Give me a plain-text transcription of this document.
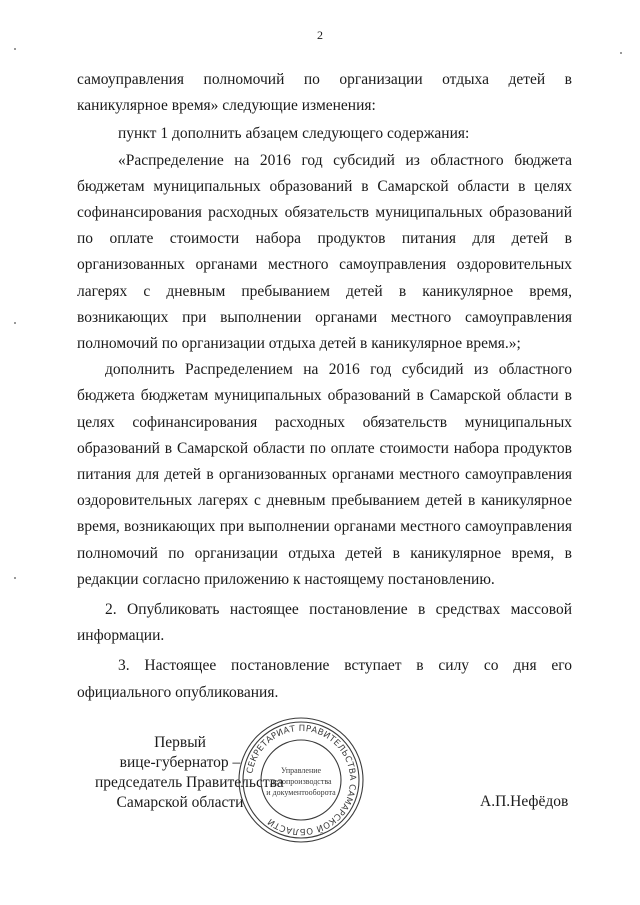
2

самоуправления полномочий по организации отдыха детей в каникулярное время» следующие изменения:

пункт 1 дополнить абзацем следующего содержания:

«Распределение на 2016 год субсидий из областного бюджета бюджетам муниципальных образований в Самарской области в целях софинансирования расходных обязательств муниципальных образований по оплате стоимости набора продуктов питания для детей в организованных органами местного самоуправления оздоровительных лагерях с дневным пребыванием детей в каникулярное время, возникающих при выполнении органами местного самоуправления полномочий по организации отдыха детей в каникулярное время.»;

дополнить Распределением на 2016 год субсидий из областного бюджета бюджетам муниципальных образований в Самарской области в целях софинансирования расходных обязательств муниципальных образований в Самарской области по оплате стоимости набора продуктов питания для детей в организованных органами местного самоуправления оздоровительных лагерях с дневным пребыванием детей в каникулярное время, возникающих при выполнении органами местного самоуправления полномочий по организации отдыха детей в каникулярное время, в редакции согласно приложению к настоящему постановлению.

2. Опубликовать настоящее постановление в средствах массовой информации.

3. Настоящее постановление вступает в силу со дня его официального опубликования.

Первый
вице-губернатор –
председатель Правительства
Самарской области	А.П.Нефёдов
СЕКРЕТАРИАТ ПРАВИТЕЛЬСТВА САМАРСКОЙ ОБЛАСТИ
Управление
делопроизводства
и документооборота
